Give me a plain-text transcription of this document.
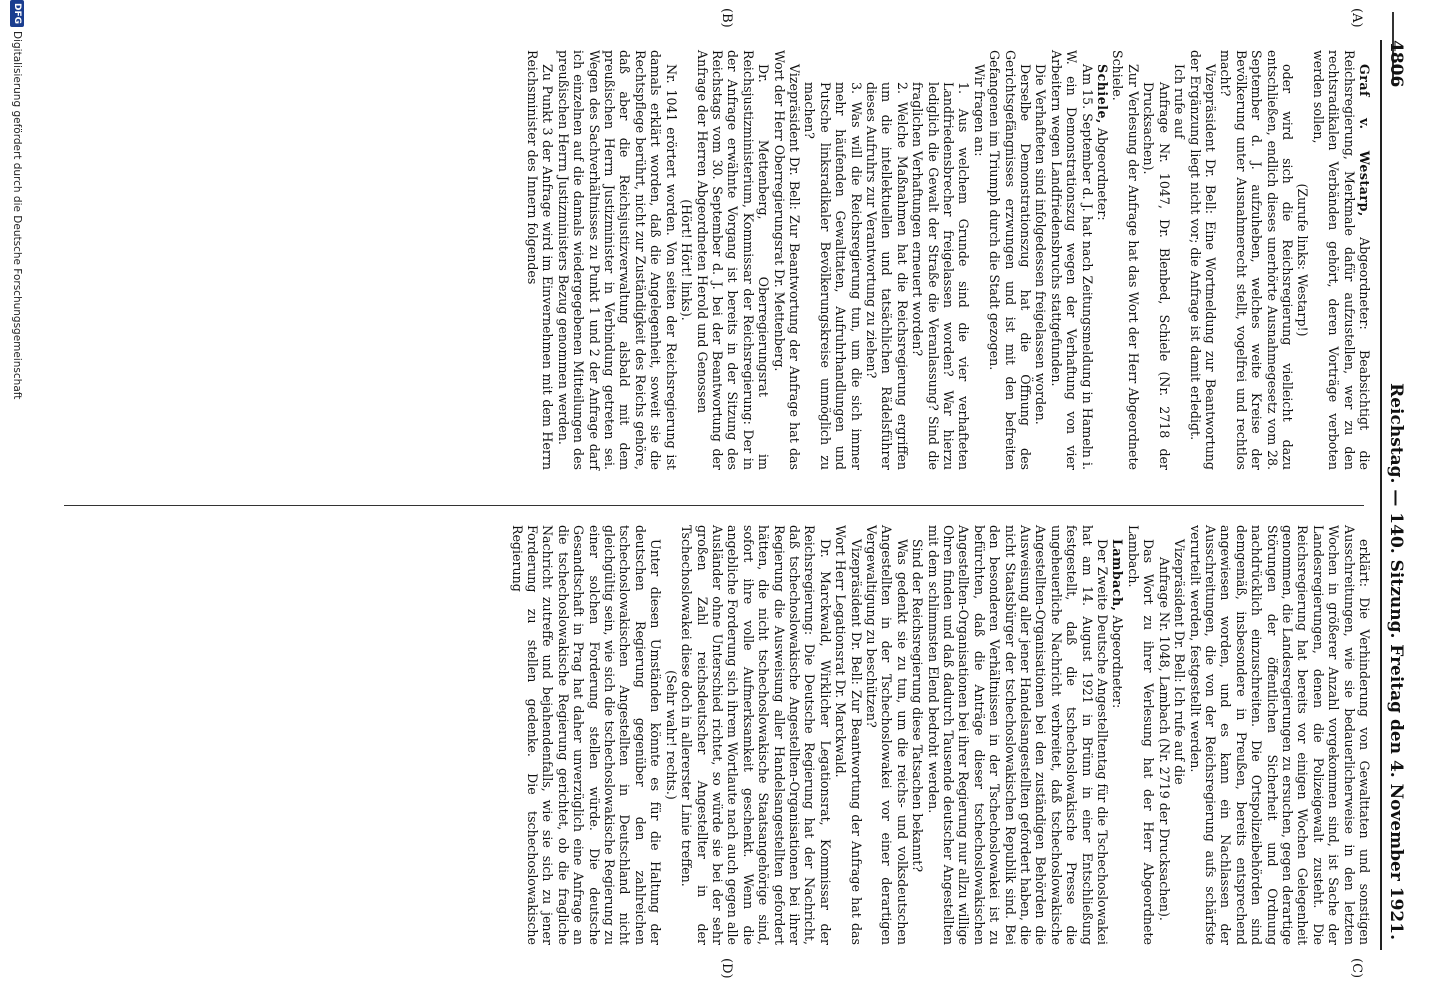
4806
Reichstag. — 140. Sitzung. Freitag den 4. November 1921.
(A)
(B)
(C)
(D)

Graf v. Westarp, Abgeordneter: Beabsichtigt die Reichsregierung, Merkmale dafür aufzustellen, wer zu den rechtsradikalen Verbänden gehört, deren Vorträge verboten werden sollen,

(Zurufe links: Westarp!)

oder wird sich die Reichsregierung vielleicht dazu entschließen, endlich dieses unerhörte Ausnahmegesetz vom 28. September d. J. aufzuheben, welches weite Kreise der Bevölkerung unter Ausnahmerecht stellt, vogelfrei und rechtlos macht?

Vizepräsident Dr. Bell: Eine Wortmeldung zur Beantwortung der Ergänzung liegt nicht vor; die Anfrage ist damit erledigt.

Ich rufe auf

Anfrage Nr. 1047, Dr. Blenbed, Schiele (Nr. 2718 der Drucksachen).

Zur Verlesung der Anfrage hat das Wort der Herr Abgeordnete Schiele.

Schiele, Abgeordneter:

Am 15. September d. J. hat nach Zeitungsmeldung in Hameln i. W. ein Demonstrationszug wegen der Verhaftung von vier Arbeitern wegen Landfriedensbruchs stattgefunden.

Die Verhafteten sind infolgedessen freigelassen worden.

Derselbe Demonstrationszug hat die Öffnung des Gerichtsgefängnisses erzwungen und ist mit den befreiten Gefangenen im Triumph durch die Stadt gezogen.

Wir fragen an:

1. Aus welchem Grunde sind die vier verhafteten Landfriedensbrecher freigelassen worden? War hierzu lediglich die Gewalt der Straße die Veranlassung? Sind die fraglichen Verhaftungen erneuert worden?

2. Welche Maßnahmen hat die Reichsregierung ergriffen um die intellektuellen und tatsächlichen Rädelsführer dieses Aufruhrs zur Verantwortung zu ziehen?

3. Was will die Reichsregierung tun, um die sich immer mehr häufenden Gewalttaten, Aufruhrhandlungen und Putsche linksradikaler Bevölkerungskreise unmöglich zu machen?

Vizepräsident Dr. Bell: Zur Beantwortung der Anfrage hat das Wort der Herr Oberregierungsrat Dr. Mettenberg.

Dr. Mettenberg, Oberregierungsrat im Reichsjustizministerium, Kommissar der Reichsregierung: Der in der Anfrage erwähnte Vorgang ist bereits in der Sitzung des Reichstags vom 30. September d. J. bei der Beantwortung der Anfrage der Herren Abgeordneten Herold und Genossen

(Hört! Hört! links).

Nr. 1041 erörtert worden. Von seiten der Reichsregierung ist damals erklärt worden, daß die Angelegenheit, soweit sie die Rechtspflege berührt, nicht zur Zuständigkeit des Reichs gehöre, daß aber die Reichsjustizverwaltung alsbald mit dem preußischen Herrn Justizminister in Verbindung getreten sei. Wegen des Sachverhältnisses zu Punkt 1 und 2 der Anfrage darf ich einzelnen auf die damals wiedergegebenen Mitteilungen des preußischen Herrn Justizministers Bezug genommen werden.

Zu Punkt 3 der Anfrage wird im Einvernehmen mit dem Herrn Reichsminister des Innern folgendes

erklärt: Die Verhinderung von Gewalttaten und sonstigen Ausschreitungen, wie sie bedauerlicherweise in den letzten Wochen in größerer Anzahl vorgekommen sind, ist Sache der Landesregierungen, denen die Polizeigewalt zusteht. Die Reichsregierung hat bereits vor einigen Wochen Gelegenheit genommen, die Landesregierungen zu ersuchen, gegen derartige Störungen der öffentlichen Sicherheit und Ordnung nachdrücklich einzuschreiten. Die Ortspolizeibehörden sind demgemäß, insbesondere in Preußen, bereits entsprechend angewiesen worden, und es kann ein Nachlassen der Ausschreitungen, die von der Reichsregierung aufs schärfste verurteilt werden, festgestellt werden.

Vizepräsident Dr. Bell: Ich rufe auf die

Anfrage Nr. 1048, Lambach (Nr. 2719 der Drucksachen).

Das Wort zu ihrer Verlesung hat der Herr Abgeordnete Lambach.

Lambach, Abgeordneter:

Der Zweite Deutsche Angestelltentag für die Tschechoslowakei hat am 14. August 1921 in Brünn in einer Entschließung festgestellt, daß die tschechoslowakische Presse die ungeheuerliche Nachricht verbreitet, daß tschechoslowakische Angestellten-Organisationen bei den zuständigen Behörden die Ausweisung aller jener Handelsangestellten gefordert haben, die nicht Staatsbürger der tschechoslowakischen Republik sind. Bei den besonderen Verhältnissen in der Tschechoslowakei ist zu befürchten, daß die Anträge dieser tschechoslowakischen Angestellten-Organisationen bei ihrer Regierung nur allzu willige Ohren finden und daß dadurch Tausende deutscher Angestellten mit dem schlimmsten Elend bedroht werden.

Sind der Reichsregierung diese Tatsachen bekannt?

Was gedenkt sie zu tun, um die reichs- und volksdeutschen Angestellten in der Tschechoslowakei vor einer derartigen Vergewaltigung zu beschützen?

Vizepräsident Dr. Bell: Zur Beantwortung der Anfrage hat das Wort Herr Legationsrat Dr. Marckwald.

Dr. Marckwald, Wirklicher Legationsrat, Kommissar der Reichsregierung: Die Deutsche Regierung hat der Nachricht, daß tschechoslowakische Angestellten-Organisationen bei ihrer Regierung die Ausweisung aller Handelsangestellten gefordert hätten, die nicht tschechoslowakische Staatsangehörige sind, sofort ihre volle Aufmerksamkeit geschenkt. Wenn die angebliche Forderung sich ihrem Wortlaute nach auch gegen alle Ausländer ohne Unterschied richtet, so würde sie bei der sehr großen Zahl reichsdeutscher Angestellter in der Tschechoslowakei diese doch in allererster Linie treffen.

(Sehr wahr! rechts.)

Unter diesen Umständen könnte es für die Haltung der deutschen Regierung gegenüber den zahlreichen tschechoslowakischen Angestellten in Deutschland nicht gleichgültig sein, wie sich die tschechoslowakische Regierung zu einer solchen Forderung stellen würde. Die deutsche Gesandtschaft in Prag hat daher unverzüglich eine Anfrage an die tschechoslowakische Regierung gerichtet, ob die fragliche Nachricht zutreffe und bejahendenfalls, wie sie sich zu jener Forderung zu stellen gedenke. Die tschechoslowakische Regierung

DFG
Digitalisierung gefördert durch die Deutsche Forschungsgemeinschaft
